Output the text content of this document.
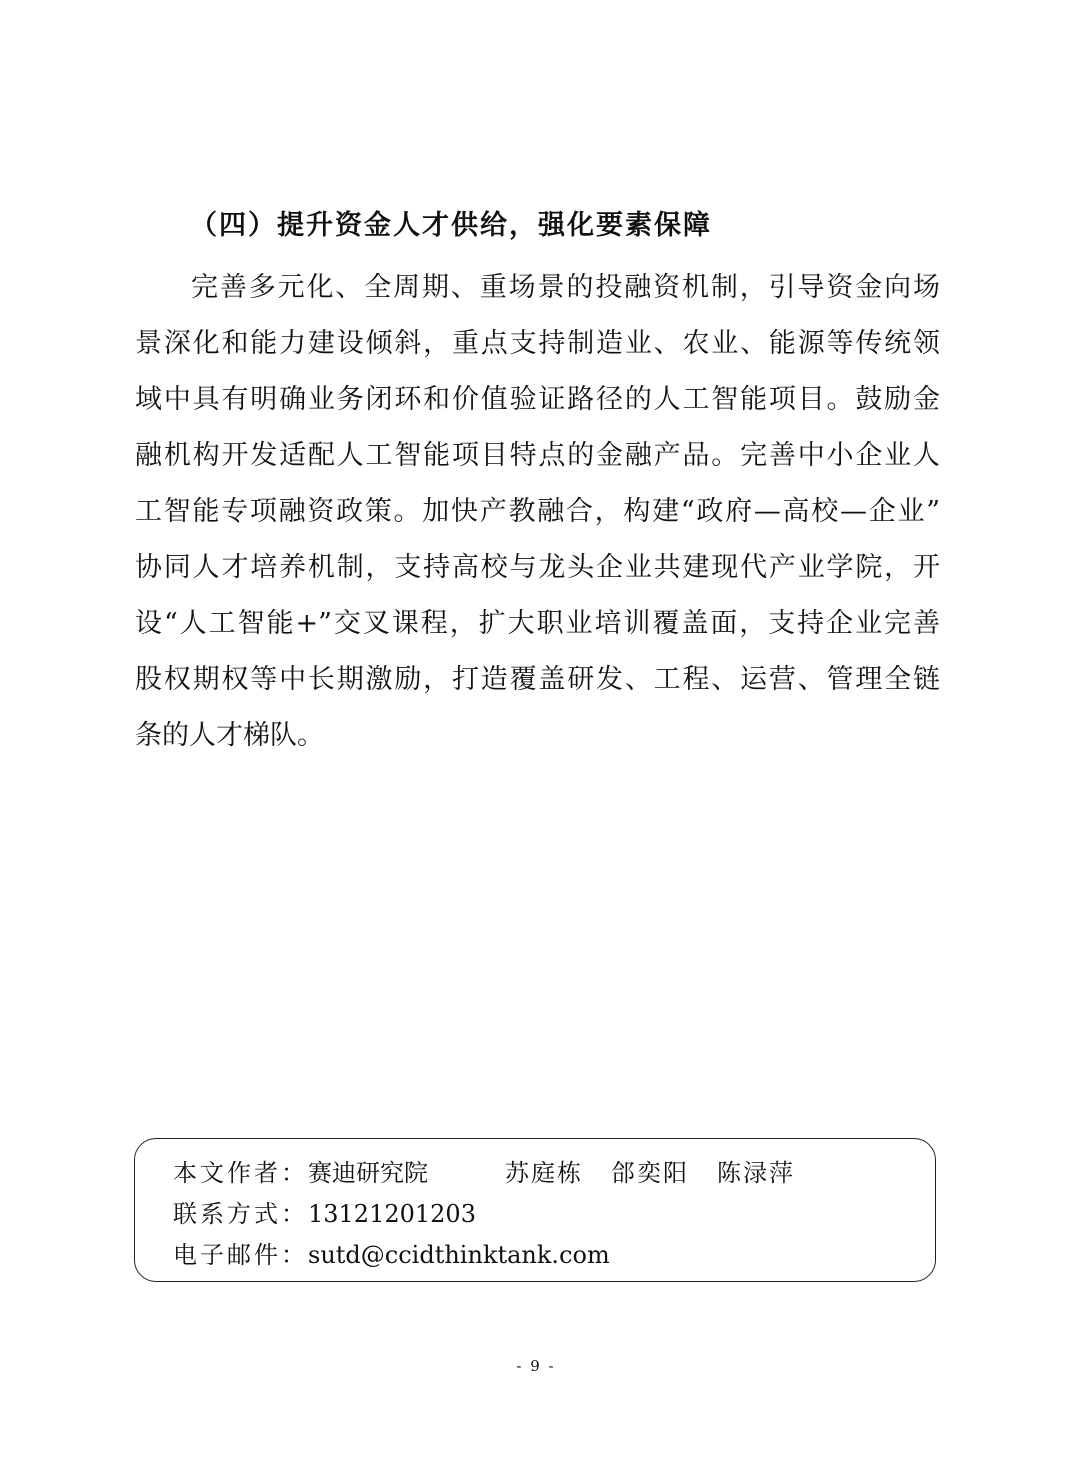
（四）提升资金人才供给，强化要素保障
完善多元化、全周期、重场景的投融资机制，引导资金向场
景深化和能力建设倾斜，重点支持制造业、农业、能源等传统领
域中具有明确业务闭环和价值验证路径的人工智能项目。鼓励金
融机构开发适配人工智能项目特点的金融产品。完善中小企业人
工智能专项融资政策。加快产教融合，构建“政府—高校—企业”
协同人才培养机制，支持高校与龙头企业共建现代产业学院，开
设“人工智能+”交叉课程，扩大职业培训覆盖面，支持企业完善
股权期权等中长期激励，打造覆盖研发、工程、运营、管理全链
条的人才梯队。
本文作者：赛迪研究院	苏庭栋 郃奕阳 陈渌萍
联系方式：13121201203
电子邮件：sutd@ccidthinktank.com
- 9 -
